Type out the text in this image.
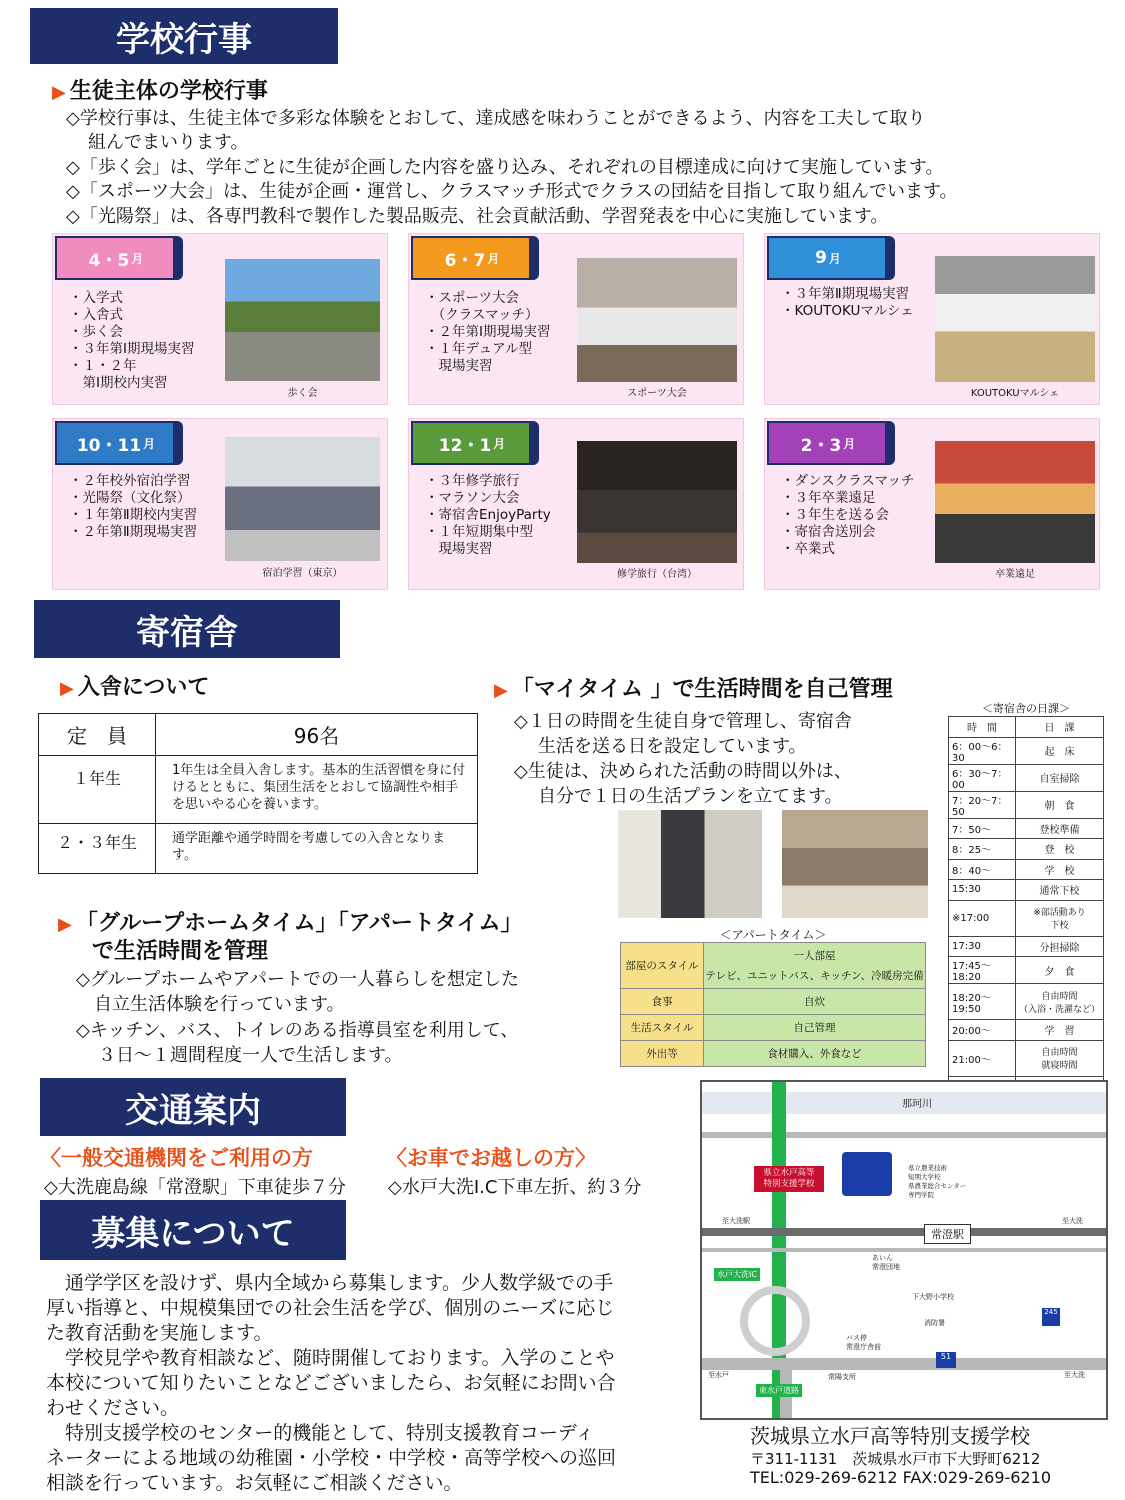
学校行事
▶ 生徒主体の学校行事
◇学校行事は、生徒主体で多彩な体験をとおして、達成感を味わうことができるよう、内容を工夫して取り
組んでまいります。
◇「歩く会」は、学年ごとに生徒が企画した内容を盛り込み、それぞれの目標達成に向けて実施しています。
◇「スポーツ大会」は、生徒が企画・運営し、クラスマッチ形式でクラスの団結を目指して取り組んでいます。
◇「光陽祭」は、各専門教科で製作した製品販売、社会貢献活動、学習発表を中心に実施しています。
4・5 月
・入学式
・入舎式
・歩く会
・３年第Ⅰ期現場実習
・１・２年
　第Ⅰ期校内実習
歩く会
6・7 月
・スポーツ大会
　（クラスマッチ）
・２年第Ⅰ期現場実習
・１年デュアル型
　現場実習
スポーツ大会
9 月
・３年第Ⅱ期現場実習
・KOUTOKUマルシェ
KOUTOKUマルシェ
10・11 月
・２年校外宿泊学習
・光陽祭（文化祭）
・１年第Ⅱ期校内実習
・２年第Ⅱ期現場実習
宿泊学習（東京）
12・1 月
・３年修学旅行
・マラソン大会
・寄宿舎EnjoyParty
・１年短期集中型
　現場実習
修学旅行（台湾）
2・3 月
・ダンスクラスマッチ
・３年卒業遠足
・３年生を送る会
・寄宿舎送別会
・卒業式
卒業遠足
寄宿舎
▶ 入舎について
定　員	96名
１年生	1年生は全員入舎します。基本的生活習慣を身に付けるとともに、集団生活をとおして協調性や相手を思いやる心を養います。
２・３年生	通学距離や通学時間を考慮しての入舎となります。
▶ 「マイタイム 」で生活時間を自己管理
◇１日の時間を生徒自身で管理し、寄宿舎
生活を送る日を設定しています。
◇生徒は、決められた活動の時間以外は、
自分で１日の生活プランを立てます。
＜寄宿舎の日課＞
時　間	日　課
6：00～6：30	起　床
6：30～7：00	自室掃除
7：20～7：50	朝　食
7：50～	登校準備
8：25～	登　校
8：40～	学　校
15:30	通常下校
※17:00	※部活動あり
下校
17:30	分担掃除
17:45～18:20	夕　食
18:20～19:50	自由時間
（入浴・洗濯など）
20:00～	学　習
21:00～	自由時間
就寝時間

＜アパートタイム＞
部屋のスタイル	一人部屋
テレビ、ユニットバス、キッチン、冷暖房完備
食事	自炊
生活スタイル	自己管理
外出等	食材購入、外食など
▶ 「グループホームタイム」「アパートタイム」
で生活時間を管理
◇グループホームやアパートでの一人暮らしを想定した
自立生活体験を行っています。
◇キッチン、バス、トイレのある指導員室を利用して、
３日～１週間程度一人で生活します。
交通案内
〈一般交通機関をご利用の方	〈お車でお越しの方〉
◇大洗鹿島線「常澄駅」下車徒歩７分 ◇水戸大洗I.C下車左折、約３分
募集について
　通学学区を設けず、県内全域から募集します。少人数学級での手
厚い指導と、中規模集団での社会生活を学び、個別のニーズに応じ
た教育活動を実施します。
　学校見学や教育相談など、随時開催しております。入学のことや
本校について知りたいことなどございましたら、お気軽にお問い合
わせください。
　特別支援学校のセンター的機能として、特別支援教育コーディ
ネーターによる地域の幼稚園・小学校・中学校・高等学校への巡回
相談を行っています。お気軽にご相談ください。
那珂川
県立水戸高等
特別支援学校
県立農業技術
短期大学校
県農業総合センター
専門学院
常澄駅
至大洗駅	至大洗
水戸大洗IC
あいん
常澄団地
下大野小学校
消防署
バス停
常澄庁舎前
常陽支所
51
245
東水戸道路
至水戸	至大洗
茨城県立水戸高等特別支援学校
〒311-1131　茨城県水戸市下大野町6212
TEL:029-269-6212 FAX:029-269-6210
